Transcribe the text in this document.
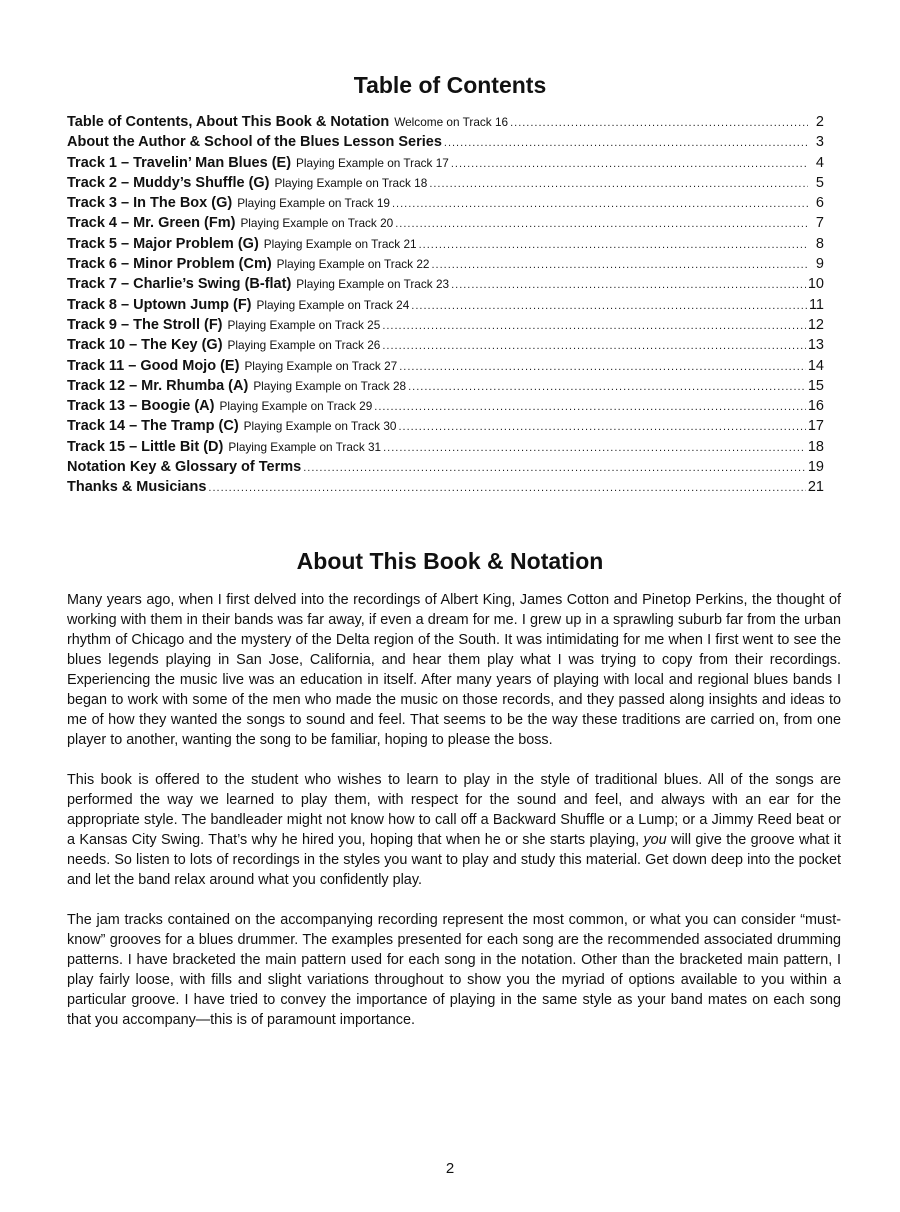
Table of Contents
Table of Contents, About This Book & Notation Welcome on Track 16 .....	2
About the Author & School of the Blues Lesson Series .....	3
Track 1 – Travelin’ Man Blues (E) Playing Example on Track 17 .....	4
Track 2 – Muddy’s Shuffle (G) Playing Example on Track 18 .....	5
Track 3 – In The Box (G) Playing Example on Track 19 .....	6
Track 4 – Mr. Green (Fm) Playing Example on Track 20 .....	7
Track 5 – Major Problem (G) Playing Example on Track 21 .....	8
Track 6 – Minor Problem (Cm) Playing Example on Track 22 .....	9
Track 7 – Charlie’s Swing (B-flat) Playing Example on Track 23 .....	10
Track 8 – Uptown Jump (F) Playing Example on Track 24 .....	11
Track 9 – The Stroll (F) Playing Example on Track 25 .....	12
Track 10 – The Key (G) Playing Example on Track 26 .....	13
Track 11 – Good Mojo (E) Playing Example on Track 27 .....	14
Track 12 – Mr. Rhumba (A) Playing Example on Track 28 .....	15
Track 13 – Boogie (A) Playing Example on Track 29 .....	16
Track 14 – The Tramp (C) Playing Example on Track 30 .....	17
Track 15 – Little Bit (D) Playing Example on Track 31 .....	18
Notation Key & Glossary of Terms .....	19
Thanks & Musicians .....	21
About This Book & Notation

Many years ago, when I first delved into the recordings of Albert King, James Cotton and Pinetop Perkins, the thought of working with them in their bands was far away, if even a dream for me. I grew up in a sprawling suburb far from the urban rhythm of Chicago and the mystery of the Delta region of the South. It was intimidating for me when I first went to see the blues legends playing in San Jose, California, and hear them play what I was trying to copy from their recordings. Experiencing the music live was an education in itself. After many years of playing with local and regional blues bands I began to work with some of the men who made the music on those records, and they passed along insights and ideas to me of how they wanted the songs to sound and feel. That seems to be the way these traditions are carried on, from one player to another, wanting the song to be familiar, hoping to please the boss.

This book is offered to the student who wishes to learn to play in the style of traditional blues. All of the songs are performed the way we learned to play them, with respect for the sound and feel, and always with an ear for the appropriate style. The bandleader might not know how to call off a Backward Shuffle or a Lump; or a Jimmy Reed beat or a Kansas City Swing. That’s why he hired you, hoping that when he or she starts playing, you will give the groove what it needs. So listen to lots of recordings in the styles you want to play and study this material. Get down deep into the pocket and let the band relax around what you confidently play.

The jam tracks contained on the accompanying recording represent the most common, or what you can consider “must-know” grooves for a blues drummer. The examples presented for each song are the recommended associated drumming patterns. I have bracketed the main pattern used for each song in the notation. Other than the bracketed main pattern, I play fairly loose, with fills and slight variations throughout to show you the myriad of options available to you within a particular groove. I have tried to convey the importance of playing in the same style as your band mates on each song that you accompany—this is of paramount importance.

2
